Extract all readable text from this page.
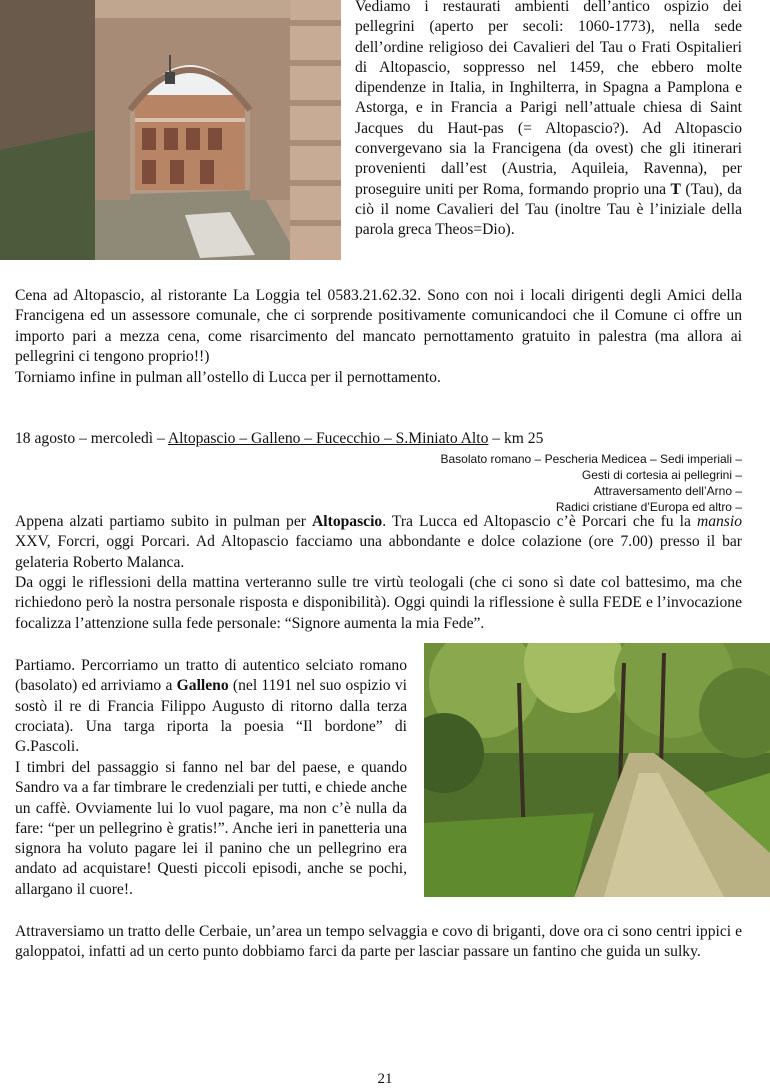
Vediamo i restaurati ambienti dell’antico ospizio dei pellegrini (aperto per secoli: 1060-1773), nella sede dell’ordine religioso dei Cavalieri del Tau o Frati Ospitalieri di Altopascio, soppresso nel 1459, che ebbero molte dipendenze in Italia, in Inghilterra, in Spagna a Pamplona e Astorga, e in Francia a Parigi nell’attuale chiesa di Saint Jacques du Haut-pas (= Altopascio?). Ad Altopascio convergevano sia la Francigena (da ovest) che gli itinerari provenienti dall’est (Austria, Aquileia, Ravenna), per proseguire uniti per Roma, formando proprio una T (Tau), da ciò il nome Cavalieri del Tau (inoltre Tau è l’iniziale della parola greca Theos=Dio).

Cena ad Altopascio, al ristorante La Loggia tel 0583.21.62.32. Sono con noi i locali dirigenti degli Amici della Francigena ed un assessore comunale, che ci sorprende positivamente comunicandoci che il Comune ci offre un importo pari a mezza cena, come risarcimento del mancato pernottamento gratuito in palestra (ma allora ai pellegrini ci tengono proprio!!)

Torniamo infine in pulman all’ostello di Lucca per il pernottamento.

18 agosto – mercoledì – Altopascio – Galleno – Fucecchio – S.Miniato Alto – km 25
Basolato romano – Pescheria Medicea – Sedi imperiali –
Gesti di cortesia ai pellegrini –
Attraversamento dell’Arno –
Radici cristiane d’Europa ed altro –

Appena alzati partiamo subito in pulman per Altopascio. Tra Lucca ed Altopascio c’è Porcari che fu la mansio XXV, Forcri, oggi Porcari. Ad Altopascio facciamo una abbondante e dolce colazione (ore 7.00) presso il bar gelateria Roberto Malanca.

Da oggi le riflessioni della mattina verteranno sulle tre virtù teologali (che ci sono sì date col battesimo, ma che richiedono però la nostra personale risposta e disponibilità). Oggi quindi la riflessione è sulla FEDE e l’invocazione focalizza l’attenzione sulla fede personale: “Signore aumenta la mia Fede”.

Partiamo. Percorriamo un tratto di autentico selciato romano (basolato) ed arriviamo a Galleno (nel 1191 nel suo ospizio vi sostò il re di Francia Filippo Augusto di ritorno dalla terza crociata). Una targa riporta la poesia “Il bordone” di G.Pascoli.

I timbri del passaggio si fanno nel bar del paese, e quando Sandro va a far timbrare le credenziali per tutti, e chiede anche un caffè. Ovviamente lui lo vuol pagare, ma non c’è nulla da fare: “per un pellegrino è gratis!”. Anche ieri in panetteria una signora ha voluto pagare lei il panino che un pellegrino era andato ad acquistare! Questi piccoli episodi, anche se pochi, allargano il cuore!.

Attraversiamo un tratto delle Cerbaie, un’area un tempo selvaggia e covo di briganti, dove ora ci sono centri ippici e galoppatoi, infatti ad un certo punto dobbiamo farci da parte per lasciar passare un fantino che guida un sulky.

21
